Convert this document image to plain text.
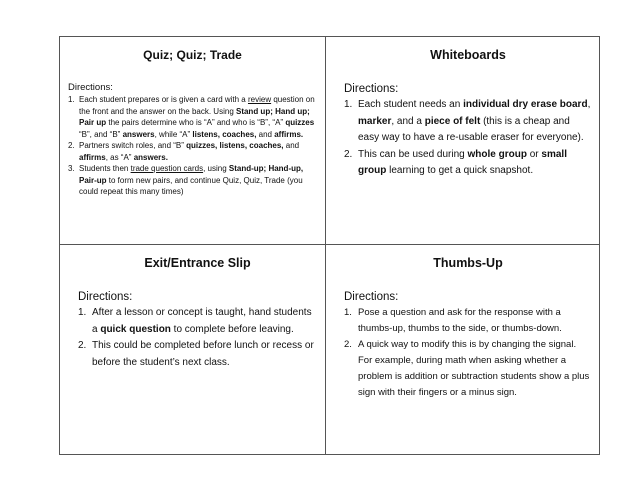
Quiz; Quiz; Trade
Directions:
1. Each student prepares or is given a card with a review question on the front and the answer on the back. Using Stand up; Hand up; Pair up the pairs determine who is “A” and who is “B”, “A” quizzes “B”, and “B” answers, while “A” listens, coaches, and affirms.
2. Partners switch roles, and “B” quizzes, listens, coaches, and affirms, as “A” answers.
3. Students then trade question cards, using Stand-up; Hand-up, Pair-up to form new pairs, and continue Quiz, Quiz, Trade (you could repeat this many times)
Whiteboards
Directions:
1. Each student needs an individual dry erase board, marker, and a piece of felt (this is a cheap and easy way to have a re-usable eraser for everyone).
2. This can be used during whole group or small group learning to get a quick snapshot.
Exit/Entrance Slip
Directions:
1. After a lesson or concept is taught, hand students a quick question to complete before leaving.
2. This could be completed before lunch or recess or before the student’s next class.
Thumbs-Up
Directions:
1. Pose a question and ask for the response with a thumbs-up, thumbs to the side, or thumbs-down.
2. A quick way to modify this is by changing the signal. For example, during math when asking whether a problem is addition or subtraction students show a plus sign with their fingers or a minus sign.
